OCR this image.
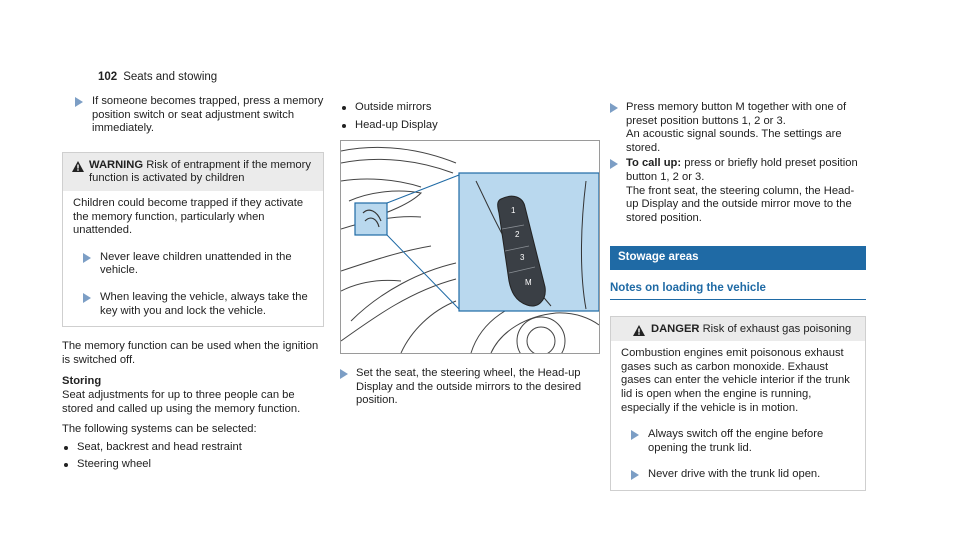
102 Seats and stowing

If someone becomes trapped, press a memory position switch or seat adjustment switch immediately.

WARNING Risk of entrapment if the memory function is activated by children

Children could become trapped if they activate the memory function, particularly when unattended.

Never leave children unattended in the vehicle.

When leaving the vehicle, always take the key with you and lock the vehicle.

The memory function can be used when the ignition is switched off.

Storing

Seat adjustments for up to three people can be stored and called up using the memory function.

The following systems can be selected:

Seat, backrest and head restraint

Steering wheel

Outside mirrors

Head-up Display

1
2
3
M

Set the seat, the steering wheel, the Head-up Display and the outside mirrors to the desired position.

Press memory button M together with one of preset position buttons 1, 2 or 3.
An acoustic signal sounds. The settings are stored.

To call up: press or briefly hold preset position button 1, 2 or 3.
The front seat, the steering column, the Head-up Display and the outside mirror move to the stored position.

Stowage areas
Notes on loading the vehicle
DANGER Risk of exhaust gas poisoning

Combustion engines emit poisonous exhaust gases such as carbon monoxide. Exhaust gases can enter the vehicle interior if the trunk lid is open when the engine is running, especially if the vehicle is in motion.

Always switch off the engine before opening the trunk lid.

Never drive with the trunk lid open.
